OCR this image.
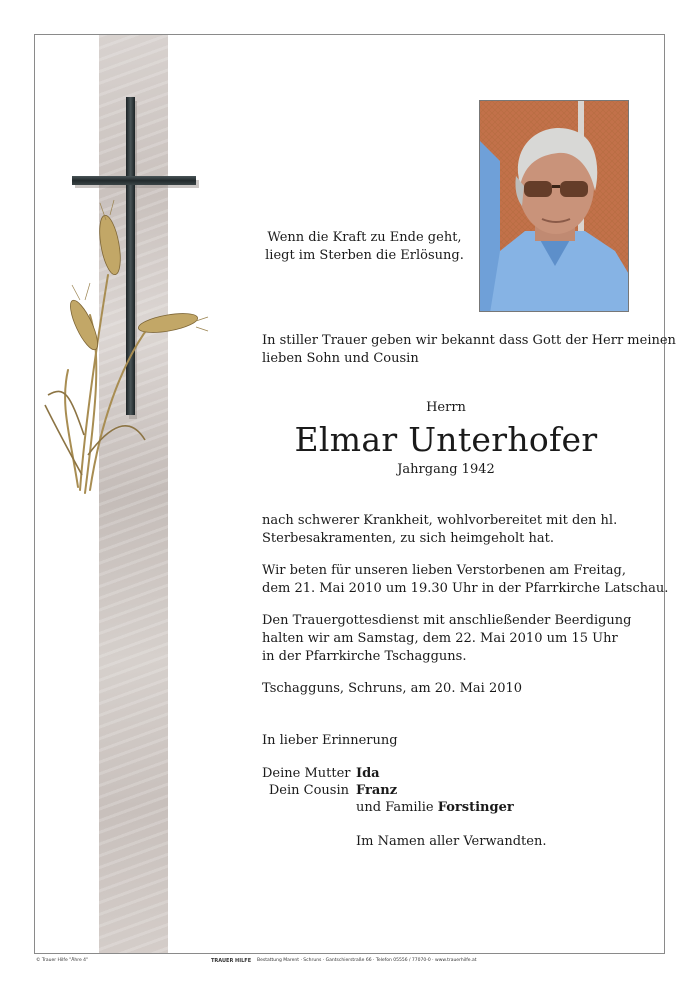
Wenn die Kraft zu Ende geht,
liegt im Sterben die Erlösung.
In stiller Trauer geben wir bekannt dass Gott der Herr meinen
lieben Sohn und Cousin
Herrn
Elmar Unterhofer
Jahrgang 1942
nach schwerer Krankheit, wohlvorbereitet mit den hl.
Sterbesakramenten, zu sich heimgeholt hat.
Wir beten für unseren lieben Verstorbenen am Freitag,
dem 21. Mai 2010 um 19.30 Uhr in der Pfarrkirche Latschau.
Den Trauergottesdienst mit anschließender Beerdigung
halten wir am Samstag, dem 22. Mai 2010 um 15 Uhr
in der Pfarrkirche Tschagguns.
Tschagguns, Schruns, am 20. Mai 2010
In lieber Erinnerung
Deine Mutter Ida
Dein Cousin Franz
und Familie Forstinger
Im Namen aller Verwandten.
© Trauer Hilfe "Ähre 4"	TRAUER HILFE Bestattung Marent · Schruns · Gantschierstraße 66 · Telefon 05556 / 77070-0 · www.trauerhilfe.at
